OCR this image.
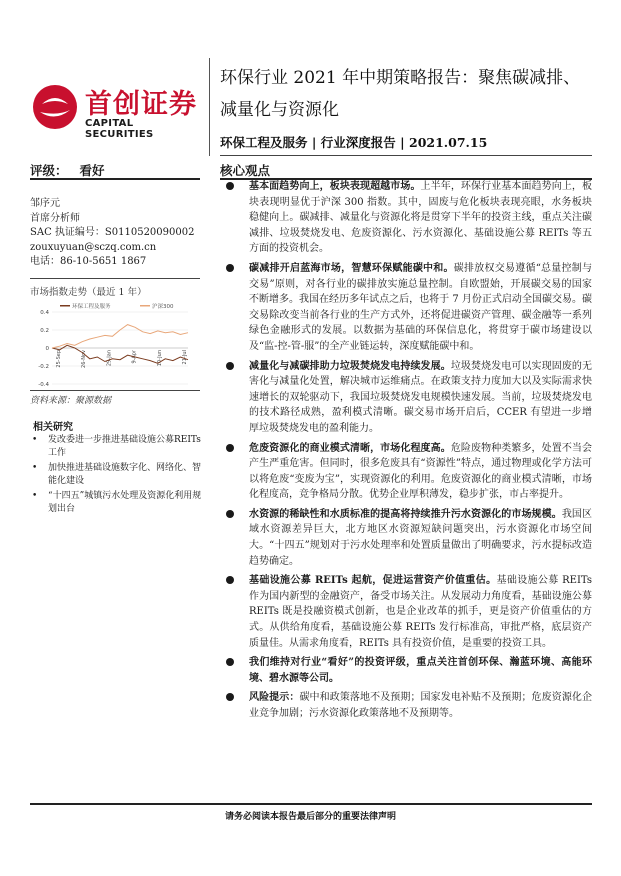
首创证券
CAPITAL SECURITIES
环保行业 2021 年中期策略报告：聚焦碳减排、减量化与资源化
环保工程及服务 | 行业深度报告 | 2021.07.15
评级： 看好	核心观点
邹序元
首席分析师
SAC 执证编号：S0110520090002
zouxuyuan@sczq.com.cn
电话：86-10-5651 1867
市场指数走势（最近 1 年）
0.4
0.2
0
-0.2
-0.4
25-Sep	26-Nov	29-Jan	9-Apr	10-Jun	21-Jul
环保工程及服务	沪深300
资料来源：聚源数据
相关研究
• 发改委进一步推进基础设施公募REITs工作
• 加快推进基础设施数字化、网络化、智能化建设
• “十四五”城镇污水处理及资源化利用规划出台
基本面趋势向上，板块表现超越市场。上半年，环保行业基本面趋势向上，板块表现明显优于沪深 300 指数。其中，固废与危化板块表现亮眼，水务板块稳健向上。碳减排、减量化与资源化将是贯穿下半年的投资主线，重点关注碳减排、垃圾焚烧发电、危废资源化、污水资源化、基础设施公募 REITs 等五方面的投资机会。
碳减排开启蓝海市场，智慧环保赋能碳中和。碳排放权交易遵循“总量控制与交易”原则，对各行业的碳排放实施总量控制。自欧盟始，开展碳交易的国家不断增多。我国在经历多年试点之后，也将于 7 月份正式启动全国碳交易。碳交易除改变当前各行业的生产方式外，还将促进碳资产管理、碳金融等一系列绿色金融形式的发展。以数据为基础的环保信息化，将贯穿于碳市场建设以及“监-控-管-服”的全产业链运转，深度赋能碳中和。
减量化与减碳排助力垃圾焚烧发电持续发展。垃圾焚烧发电可以实现固废的无害化与减量化处置，解决城市运维痛点。在政策支持力度加大以及实际需求快速增长的双轮驱动下，我国垃圾焚烧发电规模快速发展。当前，垃圾焚烧发电的技术路径成熟，盈利模式清晰。碳交易市场开启后，CCER 有望进一步增厚垃圾焚烧发电的盈利能力。
危废资源化的商业模式清晰，市场化程度高。危险废物种类繁多，处置不当会产生严重危害。但同时，很多危废具有“资源性”特点，通过物理或化学方法可以将危废“变废为宝”，实现资源化的利用。危废资源化的商业模式清晰，市场化程度高，竞争格局分散。优势企业厚积薄发，稳步扩张，市占率提升。
水资源的稀缺性和水质标准的提高将持续推升污水资源化的市场规模。我国区域水资源差异巨大，北方地区水资源短缺问题突出，污水资源化市场空间大。“十四五”规划对于污水处理率和处置质量做出了明确要求，污水提标改造趋势确定。
基础设施公募 REITs 起航，促进运营资产价值重估。基础设施公募 REITs 作为国内新型的金融资产，备受市场关注。从发展动力角度看，基础设施公募 REITs 既是投融资模式创新，也是企业改革的抓手，更是资产价值重估的方式。从供给角度看，基础设施公募 REITs 发行标准高，审批严格，底层资产质量佳。从需求角度看，REITs 具有投资价值，是重要的投资工具。
我们维持对行业“看好”的投资评级，重点关注首创环保、瀚蓝环境、高能环境、碧水源等公司。
风险提示：碳中和政策落地不及预期；国家发电补贴不及预期；危废资源化企业竞争加剧；污水资源化政策落地不及预期等。
请务必阅读本报告最后部分的重要法律声明
